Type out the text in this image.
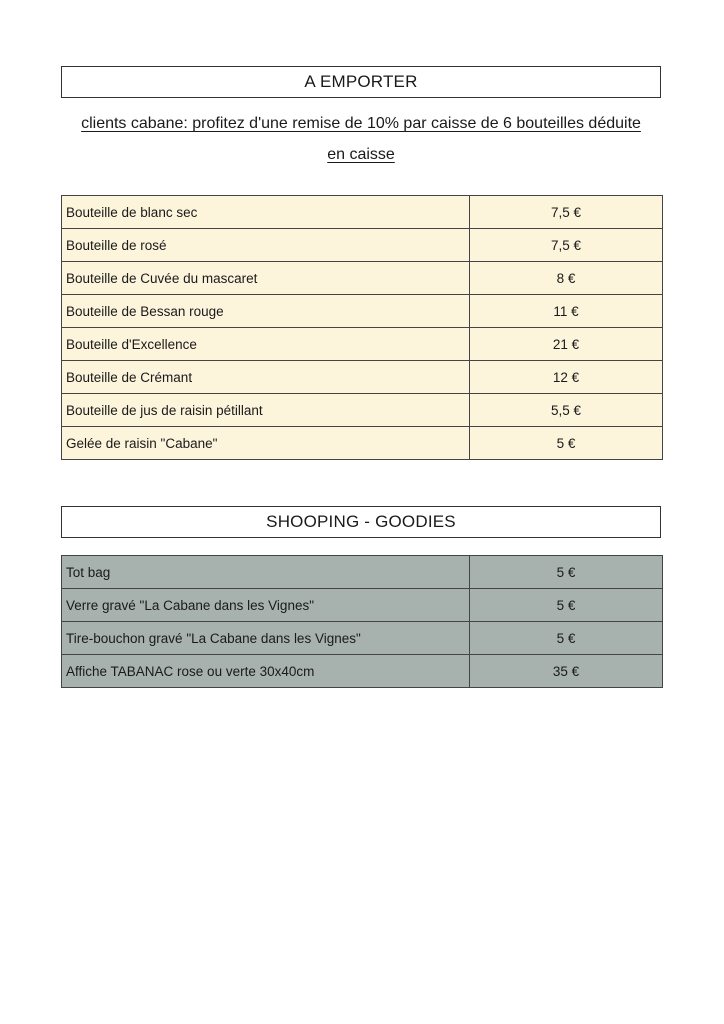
A EMPORTER
clients cabane: profitez d'une remise de 10% par caisse de 6 bouteilles déduite
en caisse
Bouteille de blanc sec	7,5 €
Bouteille de rosé	7,5 €
Bouteille de Cuvée du mascaret	8 €
Bouteille de Bessan rouge	11 €
Bouteille d'Excellence	21 €
Bouteille de Crémant	12 €
Bouteille de jus de raisin pétillant	5,5 €
Gelée de raisin "Cabane"	5 €
SHOOPING - GOODIES
Tot bag	5 €
Verre gravé "La Cabane dans les Vignes"	5 €
Tire-bouchon gravé "La Cabane dans les Vignes"	5 €
Affiche TABANAC rose ou verte 30x40cm	35 €
